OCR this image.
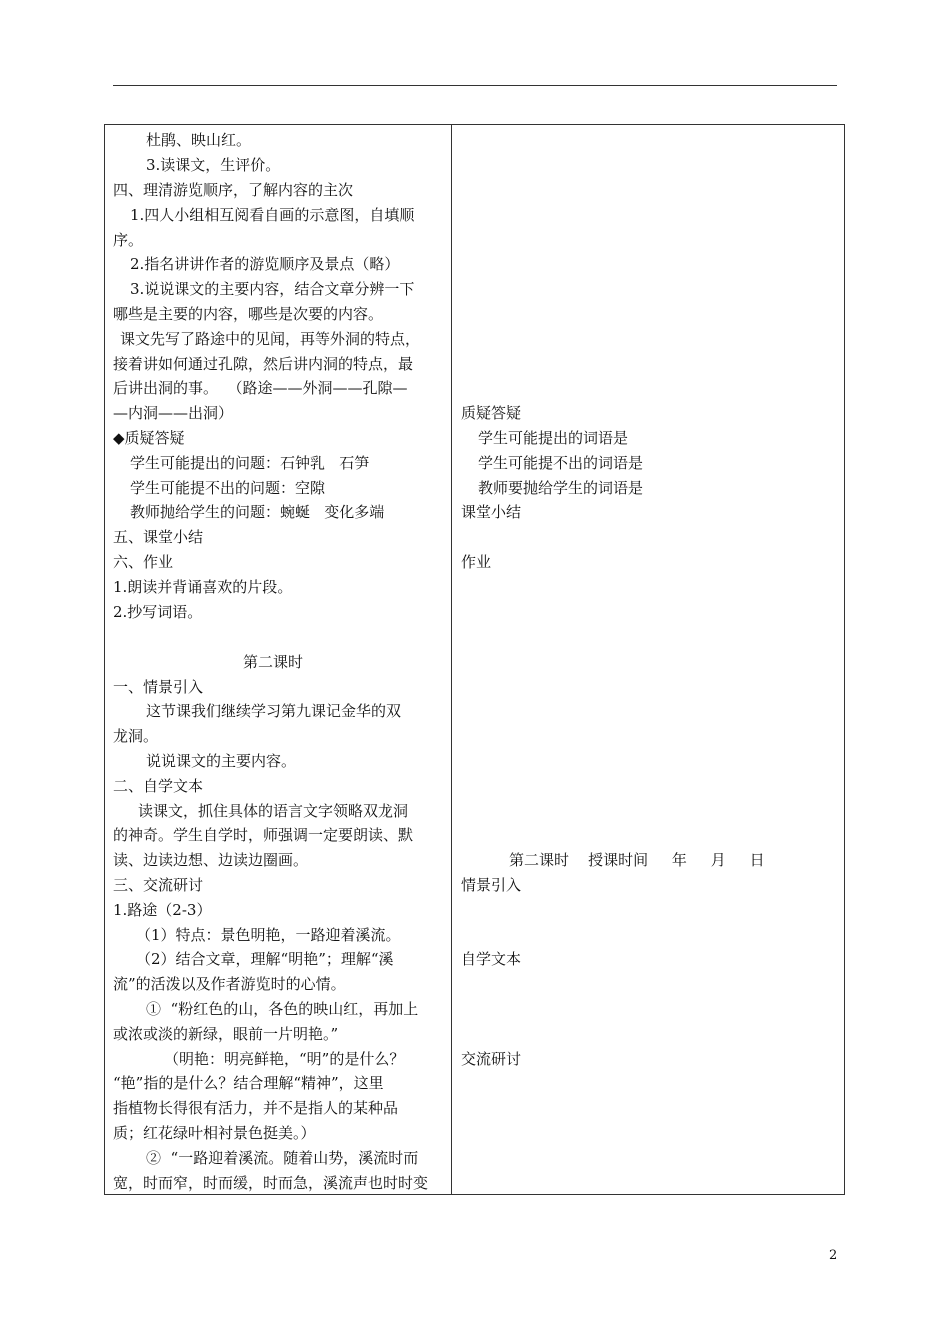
杜鹃、映山红。
3.读课文，生评价。
四、理清游览顺序，了解内容的主次
1.四人小组相互阅看自画的示意图，自填顺
序。
2.指名讲讲作者的游览顺序及景点（略）
3.说说课文的主要内容，结合文章分辨一下
哪些是主要的内容，哪些是次要的内容。
课文先写了路途中的见闻，再等外洞的特点，
接着讲如何通过孔隙，然后讲内洞的特点，最
后讲出洞的事。  （路途——外洞——孔隙—
—内洞——出洞）
◆质疑答疑
学生可能提出的问题：石钟乳   石笋
学生可能提不出的问题：空隙
教师抛给学生的问题：蜿蜒   变化多端
五、课堂小结
六、作业
1.朗读并背诵喜欢的片段。
2.抄写词语。
第二课时
一、情景引入
这节课我们继续学习第九课记金华的双
龙洞。
说说课文的主要内容。
二、自学文本
读课文，抓住具体的语言文字领略双龙洞
的神奇。学生自学时，师强调一定要朗读、默
读、边读边想、边读边圈画。
三、交流研讨
1.路途（2-3）
（1）特点：景色明艳，一路迎着溪流。
（2）结合文章，理解“明艳”；理解“溪
流”的活泼以及作者游览时的心情。
①  “粉红色的山，各色的映山红，再加上
或浓或淡的新绿，眼前一片明艳。”
（明艳：明亮鲜艳，“明”的是什么？
“艳”指的是什么？结合理解“精神”，这里
指植物长得很有活力，并不是指人的某种品
质；红花绿叶相衬景色挺美。）
②  “一路迎着溪流。随着山势，溪流时而
宽，时而窄，时而缓，时而急，溪流声也时时变
质疑答疑
学生可能提出的词语是
学生可能提不出的词语是
教师要抛给学生的词语是
课堂小结
作业
第二课时    授课时间     年     月     日
情景引入
自学文本
交流研讨
2
